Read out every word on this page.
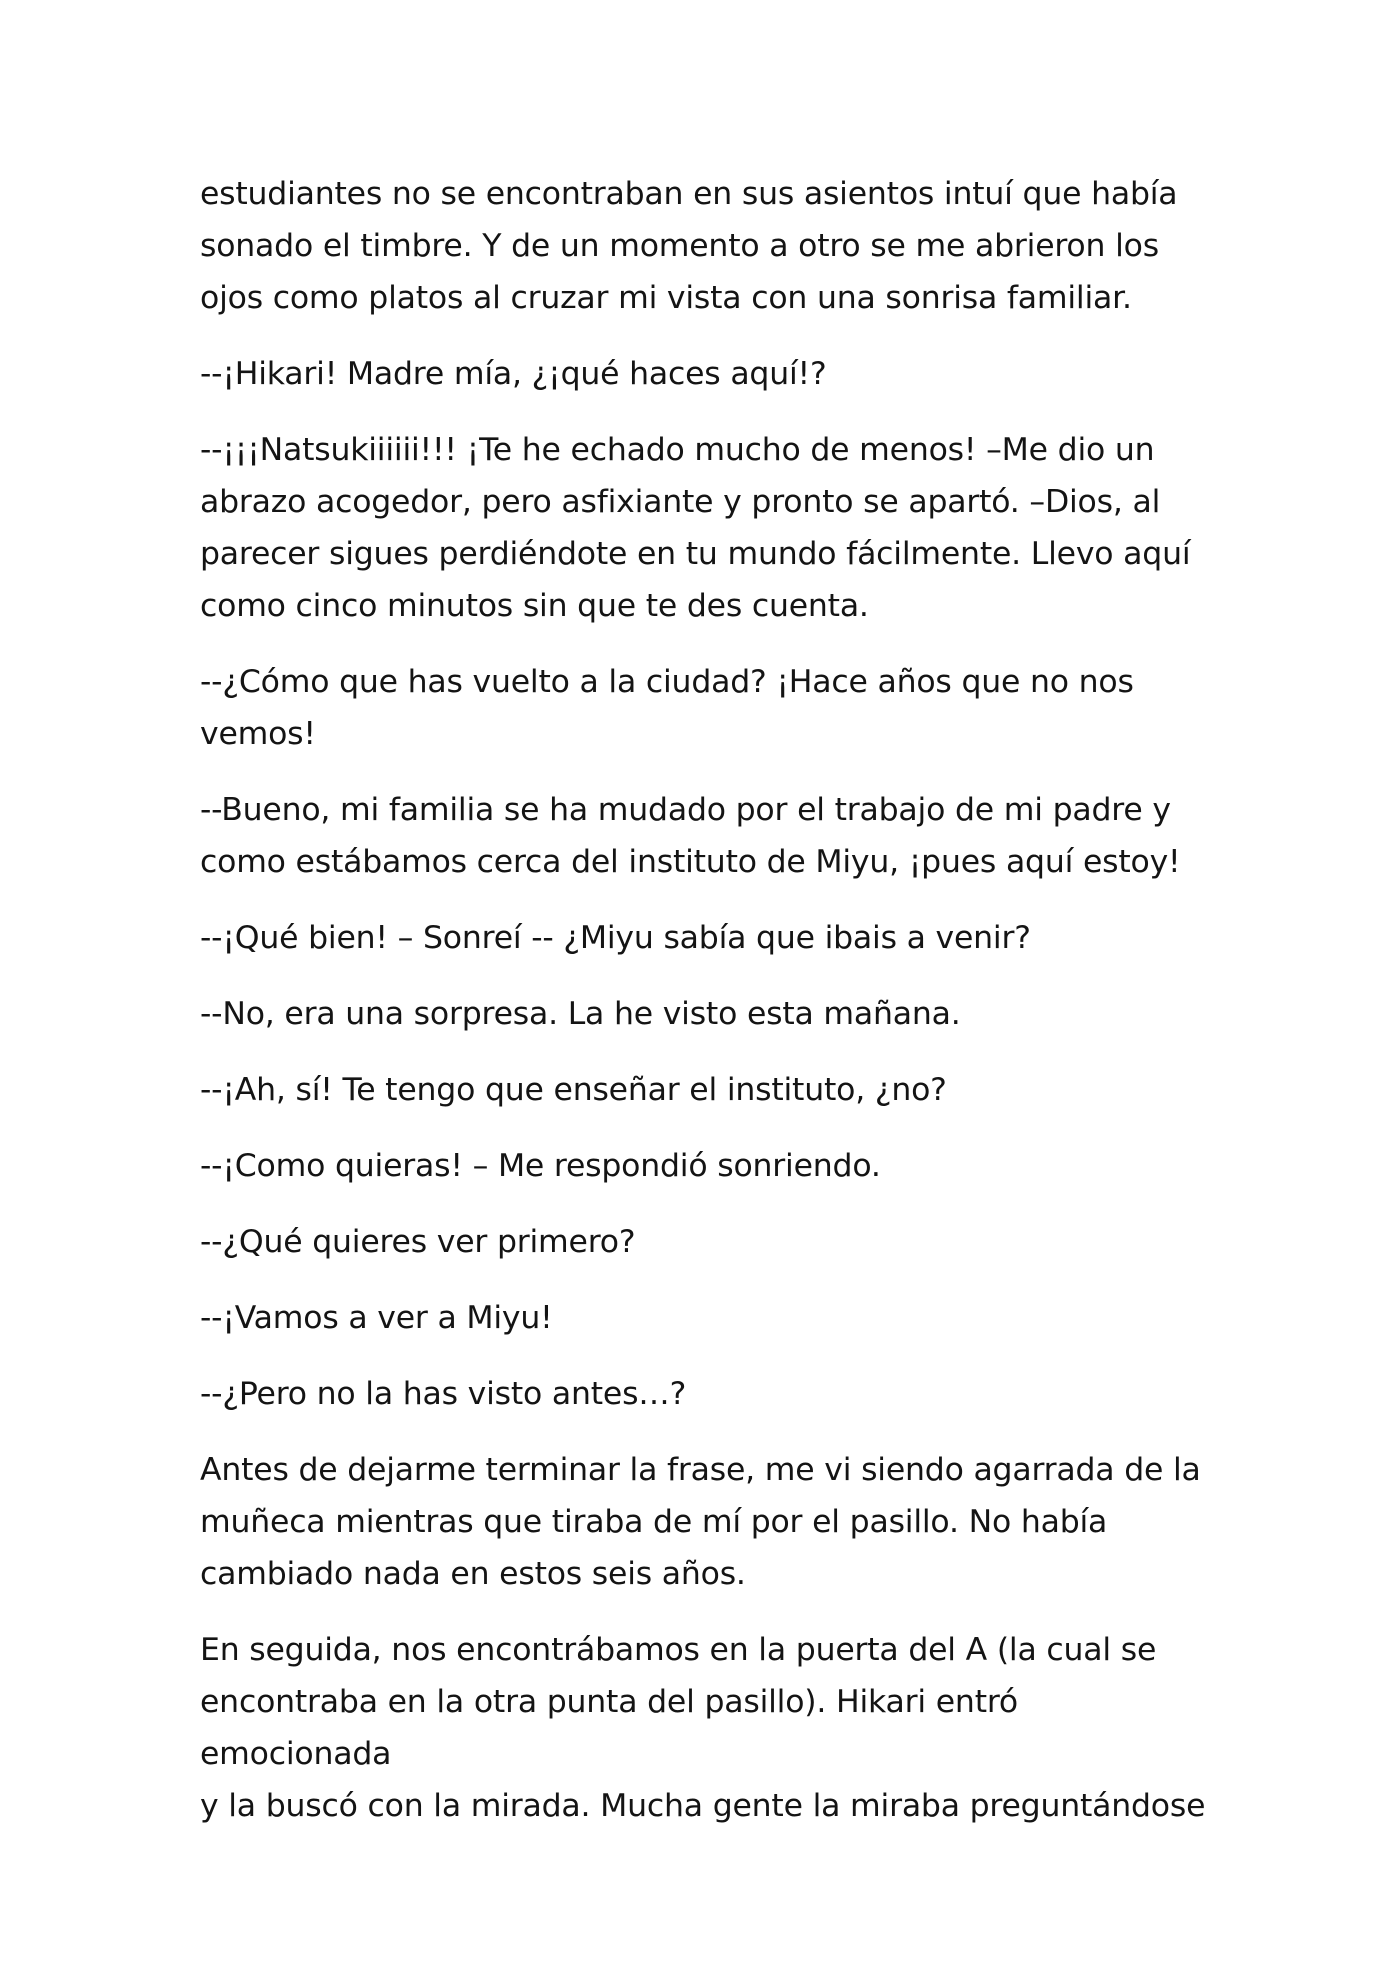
estudiantes no se encontraban en sus asientos intuí que había
sonado el timbre. Y de un momento a otro se me abrieron los
ojos como platos al cruzar mi vista con una sonrisa familiar.

--¡Hikari! Madre mía, ¿¡qué haces aquí!?

--¡¡¡Natsukiiiiii!!! ¡Te he echado mucho de menos! –Me dio un
abrazo acogedor, pero asfixiante y pronto se apartó. –Dios, al
parecer sigues perdiéndote en tu mundo fácilmente. Llevo aquí
como cinco minutos sin que te des cuenta.

--¿Cómo que has vuelto a la ciudad? ¡Hace años que no nos
vemos!

--Bueno, mi familia se ha mudado por el trabajo de mi padre y
como estábamos cerca del instituto de Miyu, ¡pues aquí estoy!

--¡Qué bien! – Sonreí -- ¿Miyu sabía que ibais a venir?

--No, era una sorpresa. La he visto esta mañana.

--¡Ah, sí! Te tengo que enseñar el instituto, ¿no?

--¡Como quieras! – Me respondió sonriendo.

--¿Qué quieres ver primero?

--¡Vamos a ver a Miyu!

--¿Pero no la has visto antes…?

Antes de dejarme terminar la frase, me vi siendo agarrada de la
muñeca mientras que tiraba de mí por el pasillo. No había
cambiado nada en estos seis años.

En seguida, nos encontrábamos en la puerta del A (la cual se
encontraba en la otra punta del pasillo). Hikari entró emocionada
y la buscó con la mirada. Mucha gente la miraba preguntándose
